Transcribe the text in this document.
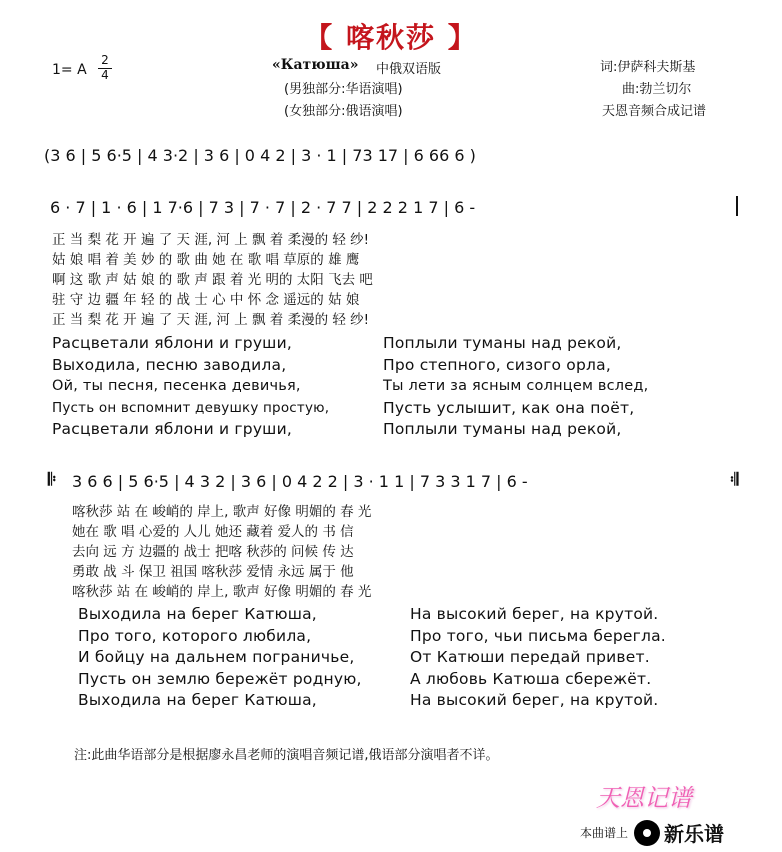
【 喀秋莎 】
1= A
2
4
«Катюша» 中俄双语版
(男独部分:华语演唱)
(女独部分:俄语演唱)
词:伊萨科夫斯基
曲:勃兰切尔
天恩音频合成记谱
(3 6 | 5 6·5 | 4 3·2 | 3 6 | 0 4 2 | 3 · 1 | 73 17 | 6 66 6 )
6 · 7 | 1 · 6 | 1 7·6 | 7 3 | 7 · 7 | 2 · 7 7 | 2 2 2 1 7 | 6 -
正 当 梨 花 开 遍 了 天 涯, 河 上 飘 着 柔漫的 轻 纱!
姑 娘 唱 着 美 妙 的 歌 曲 她 在 歌 唱 草原的 雄 鹰
啊 这 歌 声 姑 娘 的 歌 声 跟 着 光 明的 太阳 飞去 吧
驻 守 边 疆 年 轻 的 战 士 心 中 怀 念 遥远的 姑 娘
正 当 梨 花 开 遍 了 天 涯, 河 上 飘 着 柔漫的 轻 纱!
Расцветали яблони и груши,
Выходила, песню заводила,
Ой, ты песня, песенка девичья,
Пусть он вспомнит девушку простую,
Расцветали яблони и груши,
Поплыли туманы над рекой,
Про степного, сизого орла,
Ты лети за ясным солнцем вслед,
Пусть услышит, как она поёт,
Поплыли туманы над рекой,
𝄆 3 6 6 | 5 6·5 | 4 3 2 | 3 6 | 0 4 2 2 | 3 · 1 1 | 7 3 3 1 7 | 6 -	𝄇
喀秋莎 站 在 峻峭的 岸上, 歌声 好像 明媚的 春 光
她在 歌 唱 心爱的 人儿 她还 藏着 爱人的 书 信
去向 远 方 边疆的 战士 把喀 秋莎的 问候 传 达
勇敢 战 斗 保卫 祖国 喀秋莎 爱情 永远 属于 他
喀秋莎 站 在 峻峭的 岸上, 歌声 好像 明媚的 春 光
Выходила на берег Катюша,
Про того, которого любила,
И бойцу на дальнем пограничье,
Пусть он землю бережёт родную,
Выходила на берег Катюша,
На высокий берег, на крутой.
Про того, чьи письма берегла.
От Катюши передай привет.
А любовь Катюша сбережёт.
На высокий берег, на крутой.
注:此曲华语部分是根据廖永昌老师的演唱音频记谱,俄语部分演唱者不详。
天恩记谱
本曲谱上 新乐谱
